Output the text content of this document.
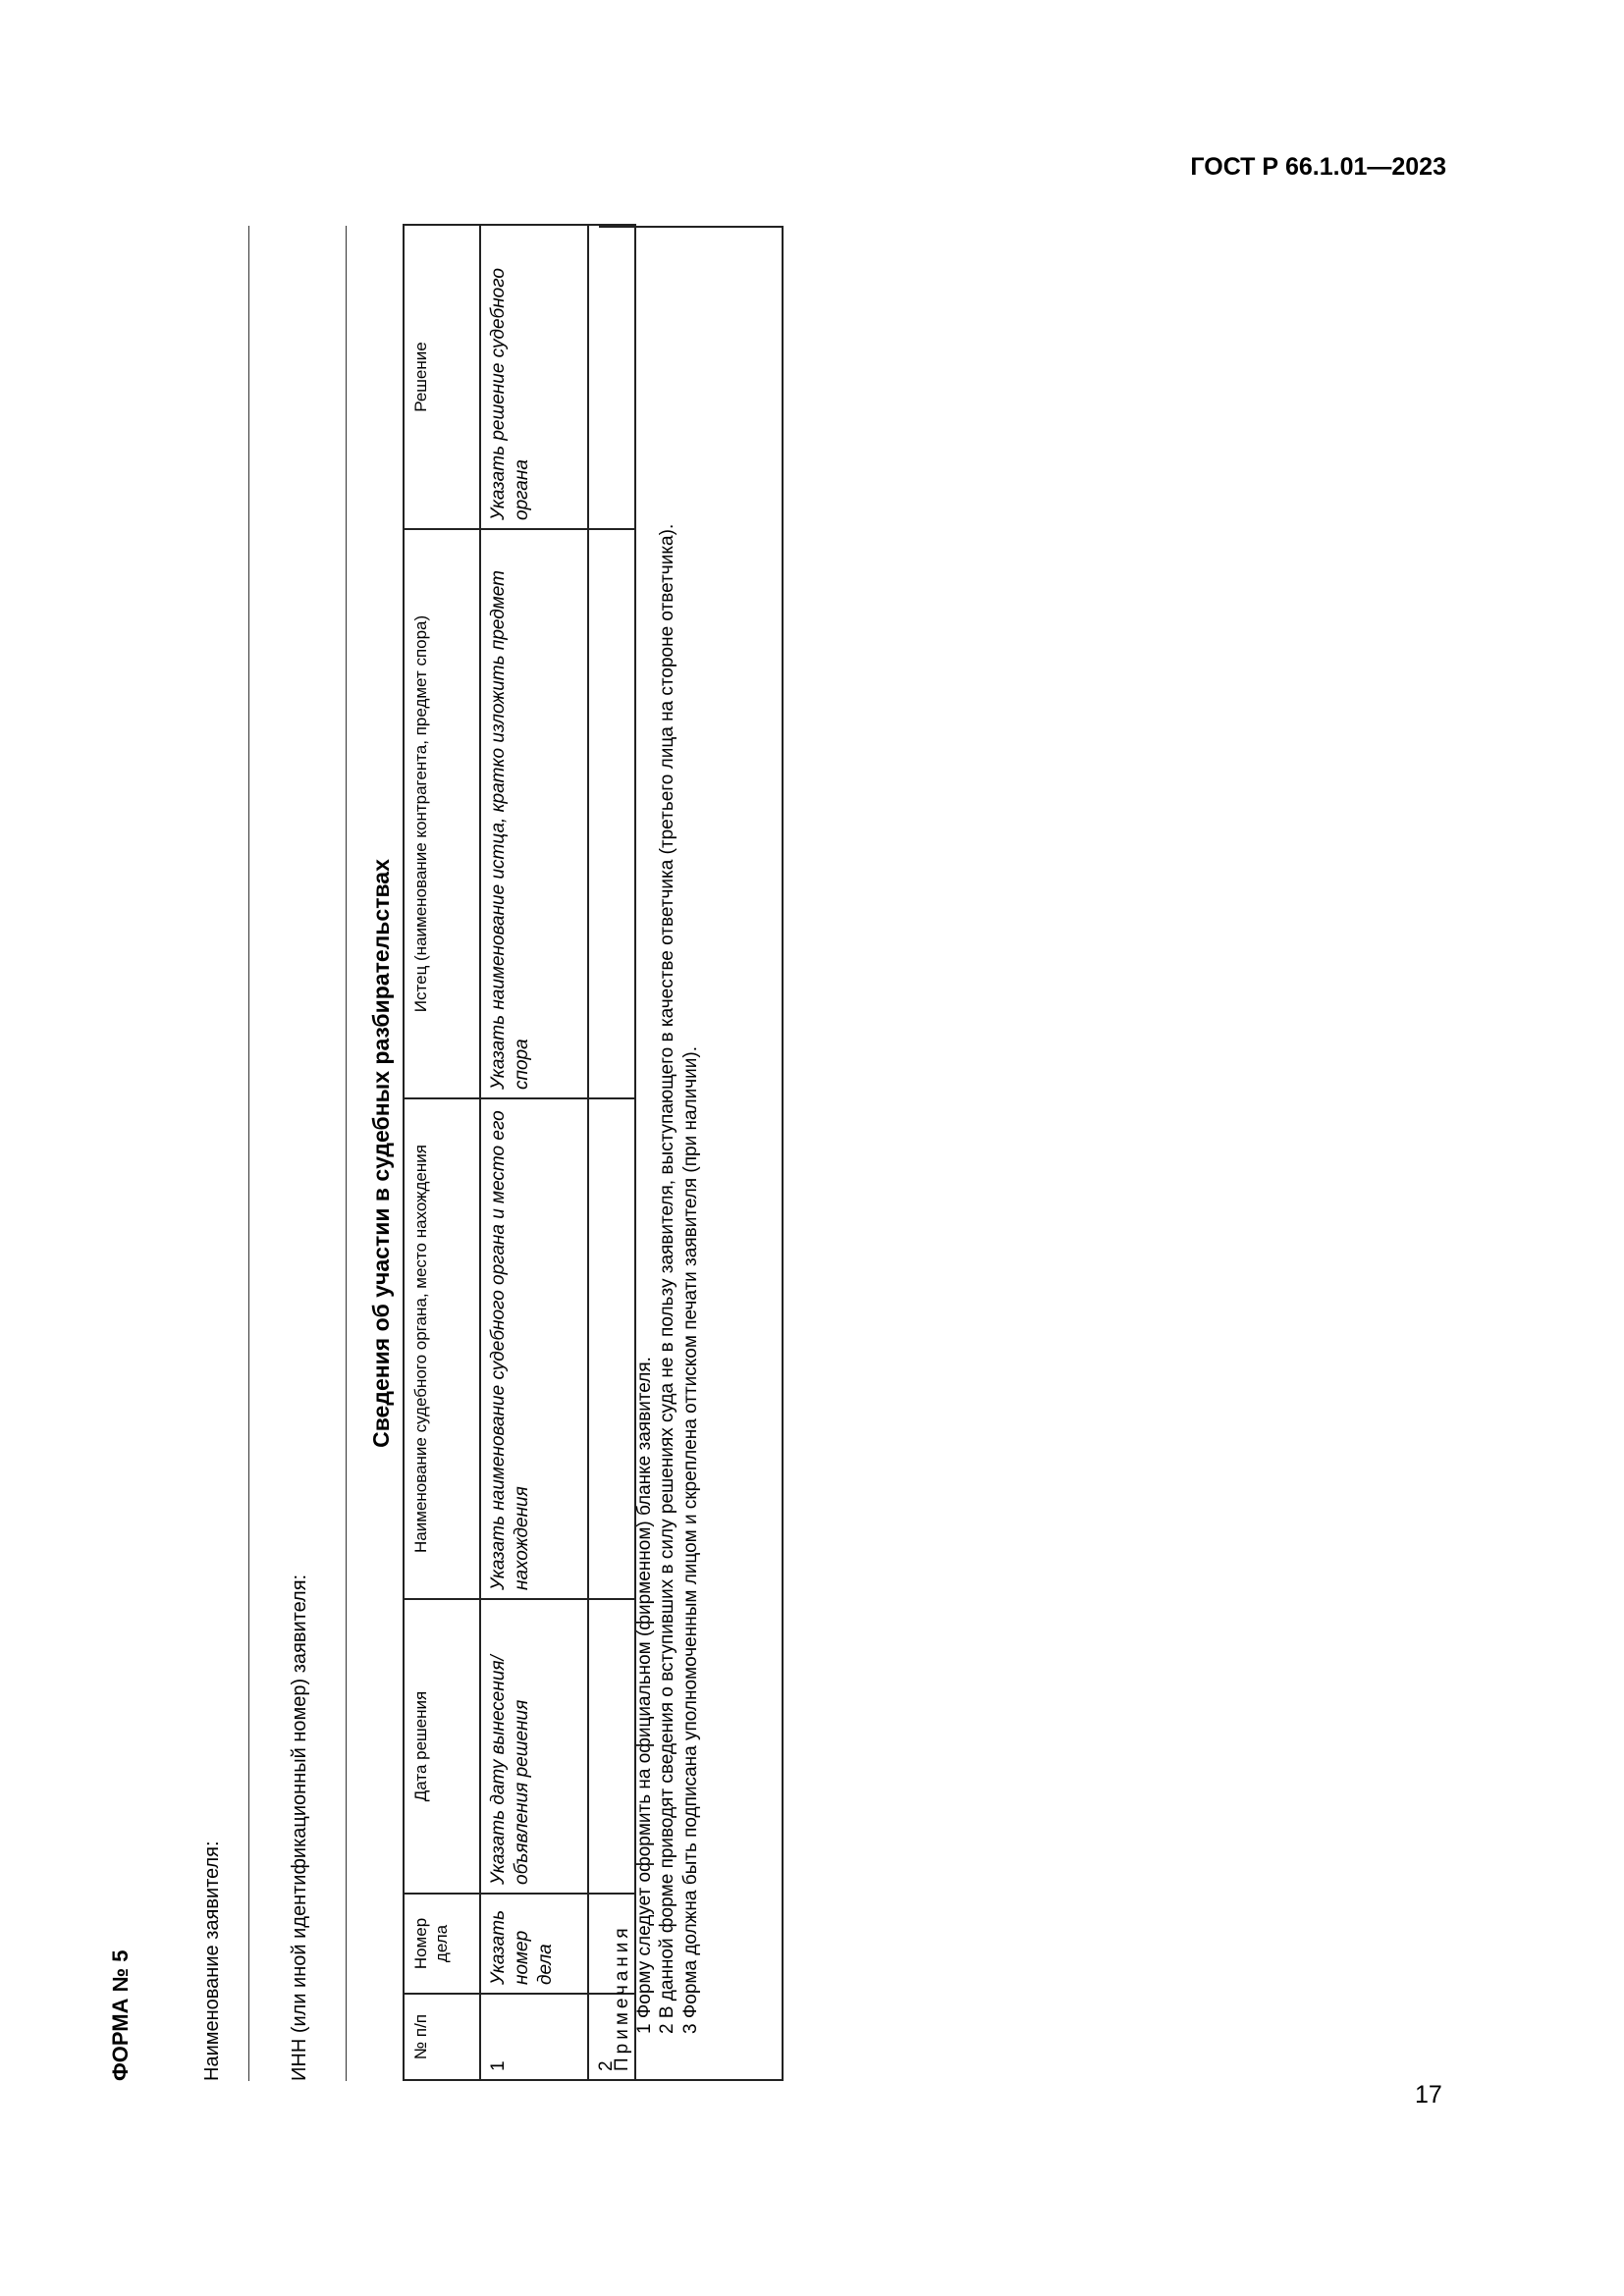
ГОСТ Р 66.1.01—2023
17
ФОРМА № 5	Наименование заявителя:	ИНН (или иной идентификационный номер) заявителя:
Сведения об участии в судебных разбирательствах
№ п/п	Номер дела	Дата решения	Наименование судебного органа, место нахождения	Истец (наименование контрагента, предмет спора)	Решение
1	Указать номер дела	Указать дату вынесения/объявления решения	Указать наименование судебного органа и место его нахождения	Указать наименование истца, кратко изложить предмет спора	Указать решение судебного органа
2					
Примечания 1 Форму следует оформить на официальном (фирменном) бланке заявителя. 2 В данной форме приводят сведения о вступивших в силу решениях суда не в пользу заявителя, выступающего в качестве ответчика (третьего лица на стороне ответчика). 3 Форма должна быть подписана уполномоченным лицом и скреплена оттиском печати заявителя (при наличии).
